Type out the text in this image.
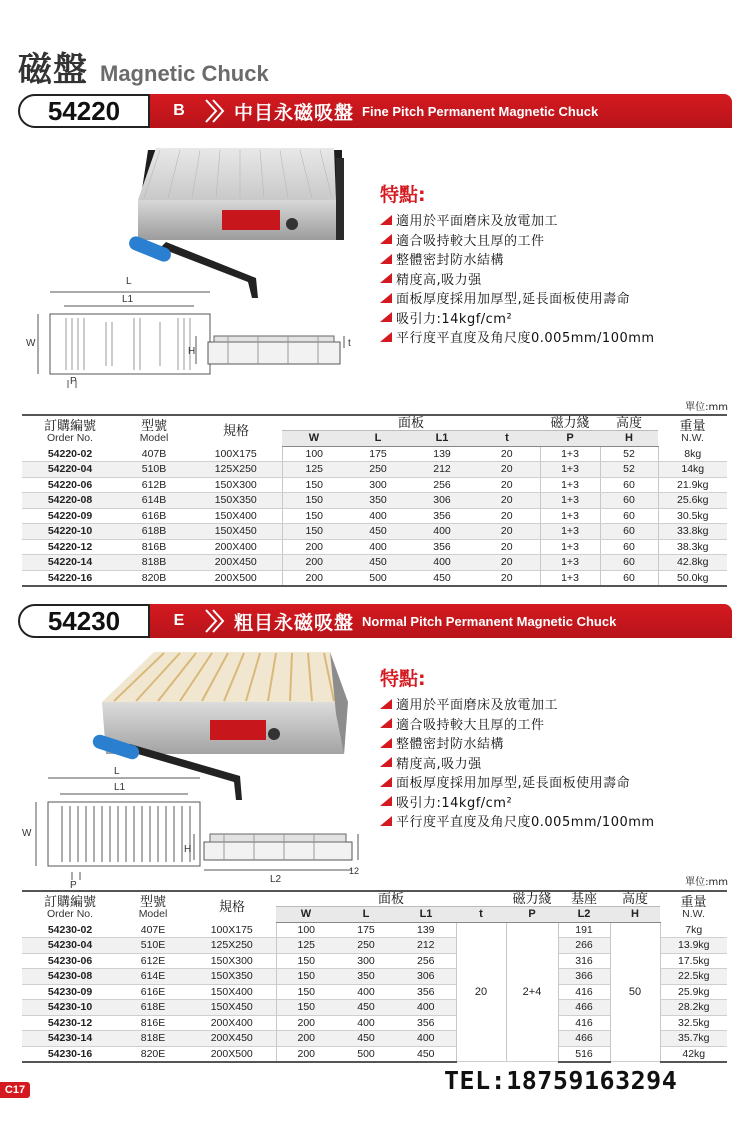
磁盤 Magnetic Chuck
54220	B	中目永磁吸盤 Fine Pitch Permanent Magnetic Chuck
L
L1
W
P
H
t
特點:
適用於平面磨床及放電加工
適合吸持較大且厚的工件
整體密封防水結構
精度高,吸力强
面板厚度採用加厚型,延長面板使用壽命
吸引力:14kgf/cm²
平行度平直度及角尺度0.005mm/100mm
單位:mm
訂購編號
Order No.	型號
Model	規格	面板				磁力綫	高度	重量
N.W.

			W	L	L1	t	P	H	
54220-02	407B	100X175	100	175	139	20	1+3	52	8kg
54220-04	510B	125X250	125	250	212	20	1+3	52	14kg
54220-06	612B	150X300	150	300	256	20	1+3	60	21.9kg
54220-08	614B	150X350	150	350	306	20	1+3	60	25.6kg
54220-09	616B	150X400	150	400	356	20	1+3	60	30.5kg
54220-10	618B	150X450	150	450	400	20	1+3	60	33.8kg
54220-12	816B	200X400	200	400	356	20	1+3	60	38.3kg
54220-14	818B	200X450	200	450	400	20	1+3	60	42.8kg
54220-16	820B	200X500	200	500	450	20	1+3	60	50.0kg
54230	E	粗目永磁吸盤 Normal Pitch Permanent Magnetic Chuck
L
L1
W
P
H
L2
12
特點:
適用於平面磨床及放電加工
適合吸持較大且厚的工件
整體密封防水結構
精度高,吸力强
面板厚度採用加厚型,延長面板使用壽命
吸引力:14kgf/cm²
平行度平直度及角尺度0.005mm/100mm
單位:mm
訂購編號
Order No.	型號
Model	規格	面板				磁力綫	基座	高度	重量
N.W.

			W	L	L1	t	P	L2	H	
54230-02	407E	100X175	100	175	139	20	2+4	191	50	7kg
54230-04	510E	125X250	125	250	212			266		13.9kg
54230-06	612E	150X300	150	300	256			316		17.5kg
54230-08	614E	150X350	150	350	306			366		22.5kg
54230-09	616E	150X400	150	400	356			416		25.9kg
54230-10	618E	150X450	150	450	400			466		28.2kg
54230-12	816E	200X400	200	400	356			416		32.5kg
54230-14	818E	200X450	200	450	400			466		35.7kg
54230-16	820E	200X500	200	500	450			516		42kg
C17	TEL:18759163294
